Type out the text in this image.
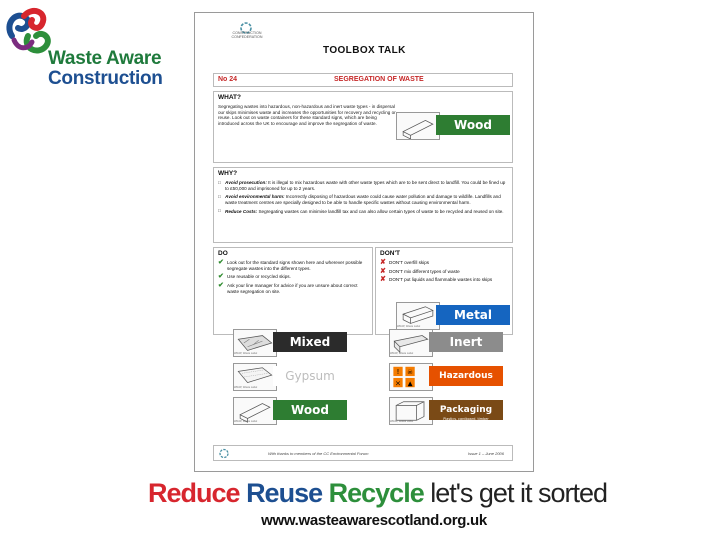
Waste Aware
Construction
CONSTRUCTION CONFEDERATION
TOOLBOX TALK
No 24	SEGREGATION OF WASTE
WHAT?
Segregating wastes into hazardous, non-hazardous and inert waste types - in dispersal our skips minimises waste and increases the opportunities for recovery and recycling or reuse. Look out on waste containers for these standard signs, which are being introduced across the UK to encourage and improve the segregation of waste.	Wood
WHY?
□ Avoid prosecution: It is illegal to mix hazardous waste with other waste types which are to be sent direct to landfill. You could be fined up to £50,000 and imprisoned for up to 2 years.
□ Avoid environmental harm: Incorrectly disposing of hazardous waste could cause water pollution and damage to wildlife. Landfills and waste treatment centres are specially designed to be able to handle specific wastes without causing environmental harm.
□ Reduce Costs: Segregating wastes can minimise landfill tax and can also allow certain types of waste to be recycled and reused on site.
DO
✔ Look out for the standard signs shown here and wherever possible segregate wastes into the different types.
✔ Use reusable or recycled skips.
✔ Ask your line manager for advice if you are unsure about correct waste segregation on site.
DON'T
✘ DON'T overfill skips
✘ DON'T mix different types of waste
✘ DON'T put liquids and flammable wastes into skips
Metal
WRAP, Waste Label
Mixed
WRAP, Waste Label
Inert
WRAP, Waste Label
Gypsum
WRAP, Waste Label
! ☠
× ▲
Hazardous
Wood
WRAP, Waste Label
Packaging
Plastics, cardboard, timber
WRAP, Waste Label
With thanks to members of the CC Environmental Forum	Issue 1 – June 2006
Reduce Reuse Recycle let's get it sorted
www.wasteawarescotland.org.uk
